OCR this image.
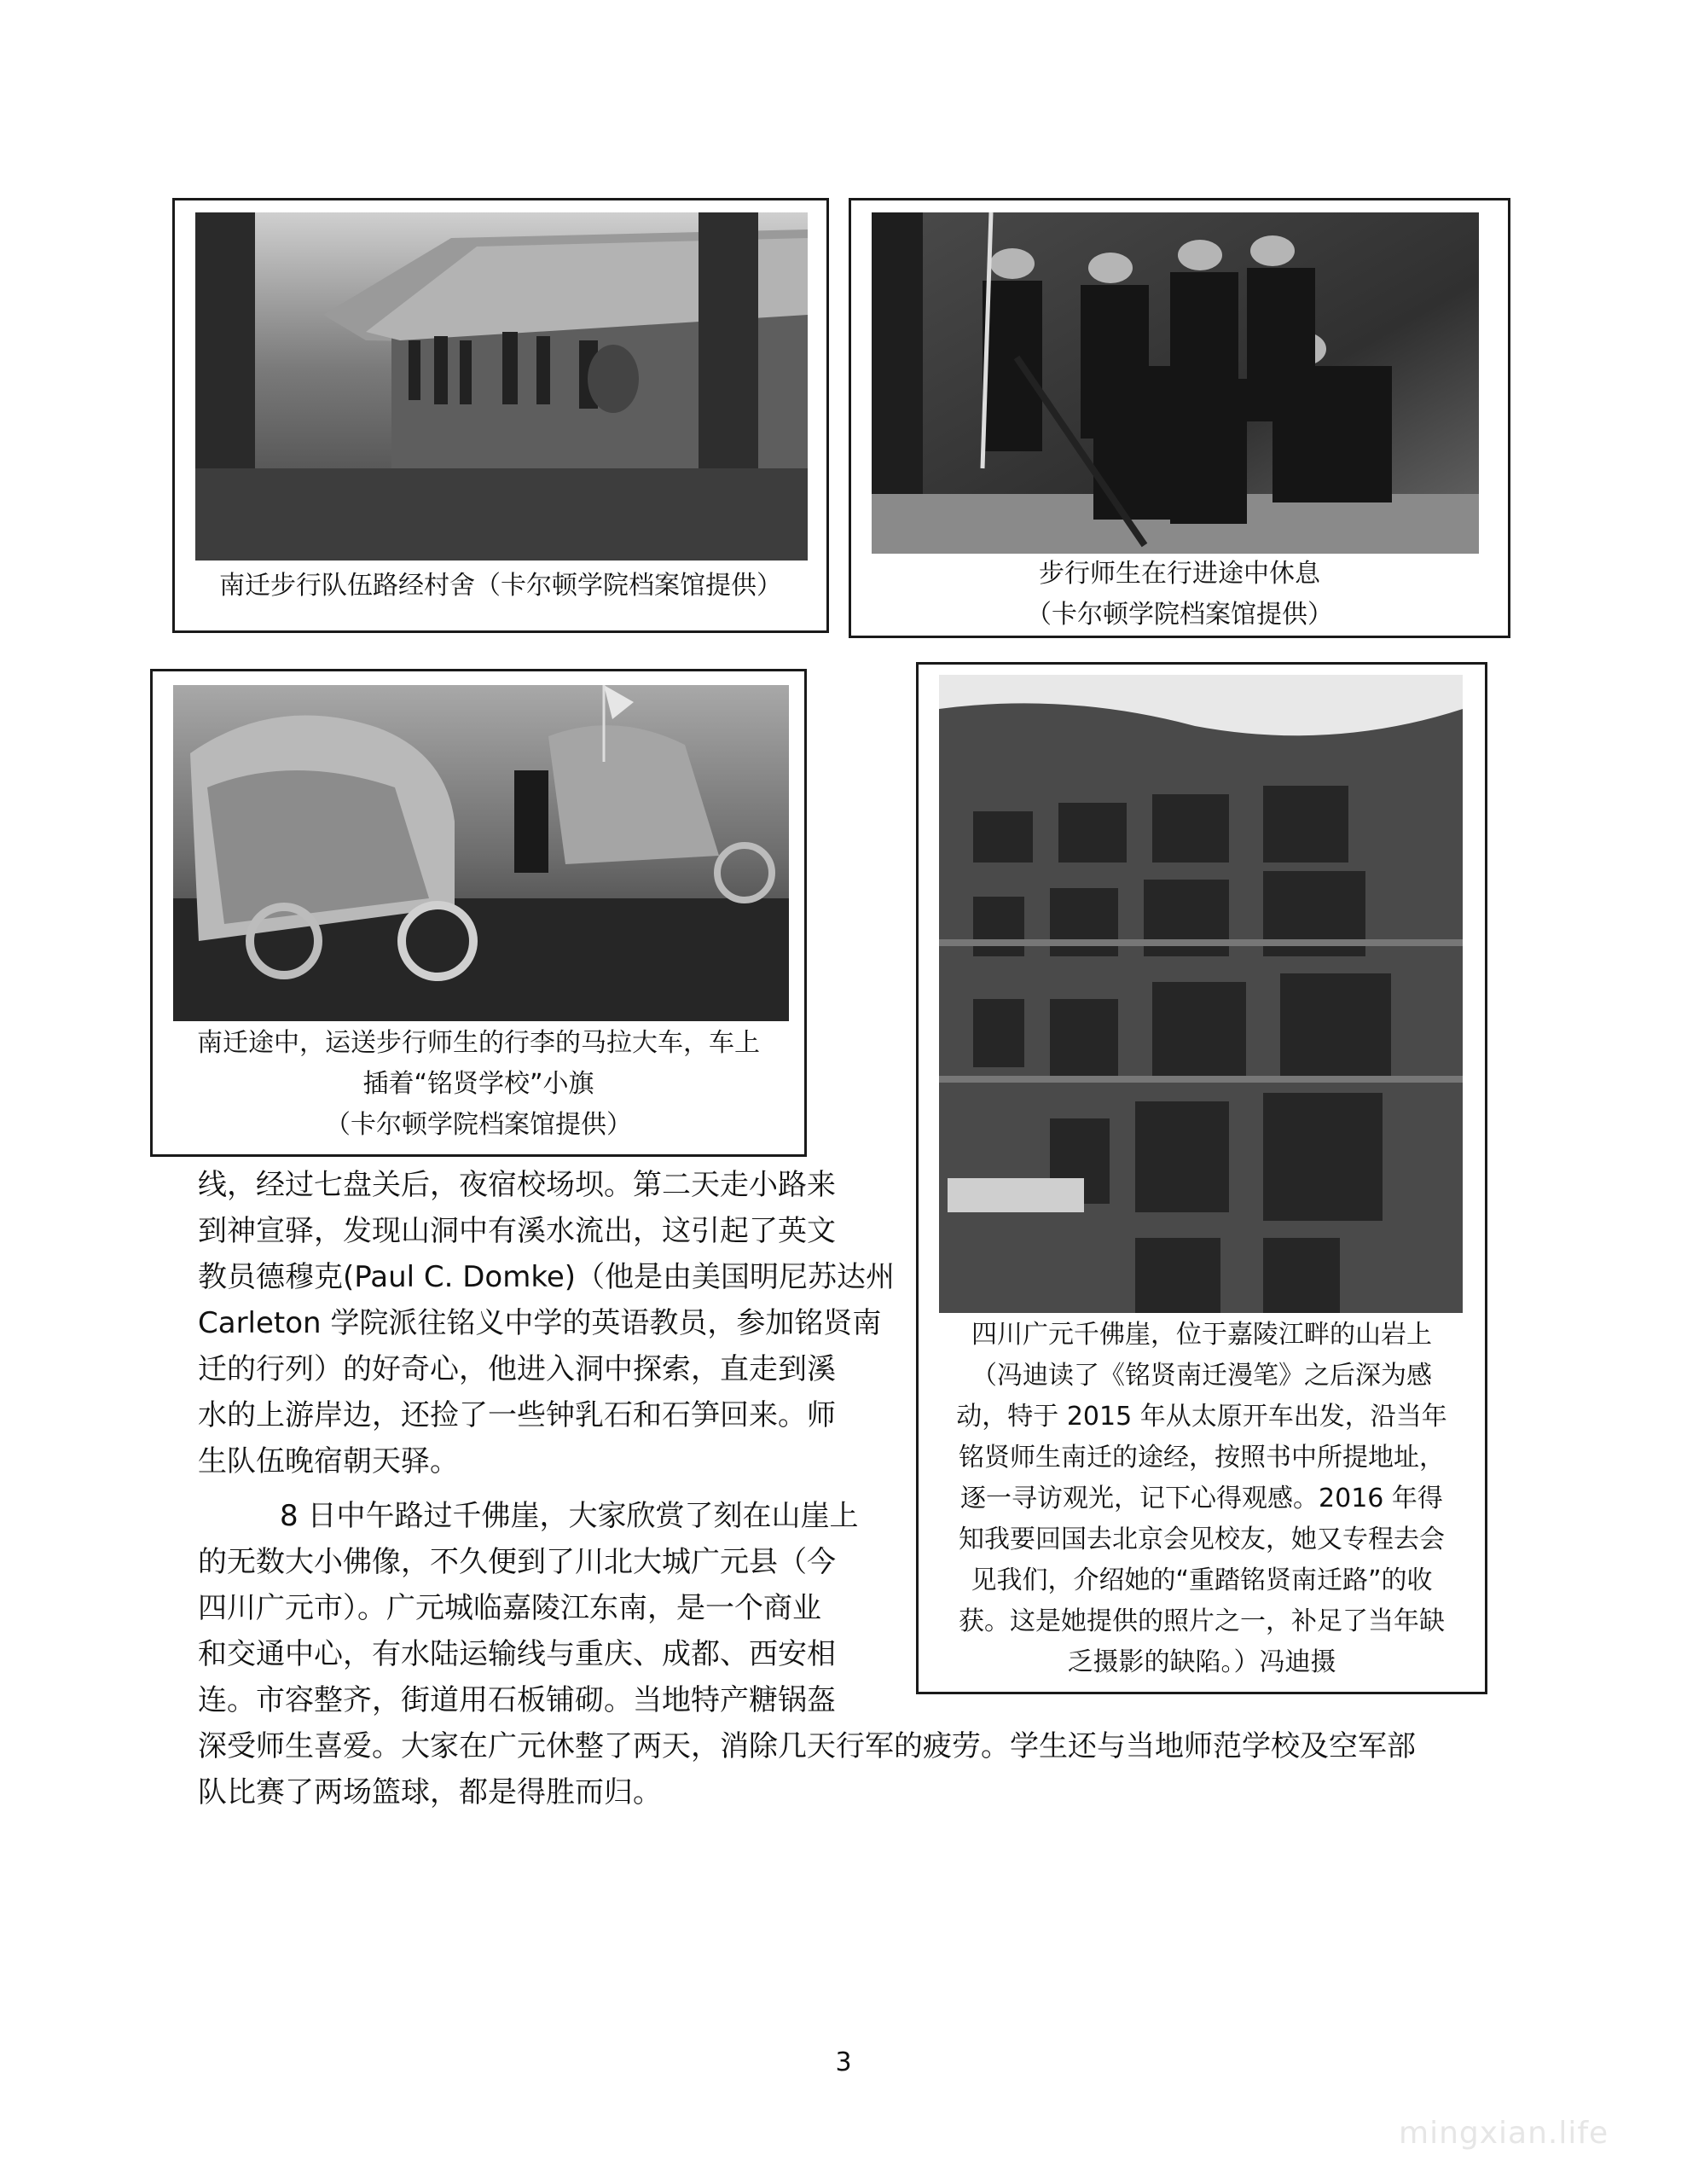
南迁步行队伍路经村舍（卡尔顿学院档案馆提供）	步行师生在行进途中休息
（卡尔顿学院档案馆提供）
南迁途中，运送步行师生的行李的马拉大车，车上
插着“铭贤学校”小旗
（卡尔顿学院档案馆提供）
四川广元千佛崖，位于嘉陵江畔的山岩上
（冯迪读了《铭贤南迁漫笔》之后深为感
动，特于 2015 年从太原开车出发，沿当年
铭贤师生南迁的途经，按照书中所提地址，
逐一寻访观光，记下心得观感。2016 年得
知我要回国去北京会见校友，她又专程去会
见我们，介绍她的“重踏铭贤南迁路”的收
获。这是她提供的照片之一，补足了当年缺
乏摄影的缺陷。）冯迪摄
线，经过七盘关后，夜宿校场坝。第二天走小路来
到神宣驿，发现山洞中有溪水流出，这引起了英文
教员德穆克(Paul C. Domke)（他是由美国明尼苏达州
Carleton 学院派往铭义中学的英语教员，参加铭贤南
迁的行列）的好奇心，他进入洞中探索，直走到溪
水的上游岸边，还捡了一些钟乳石和石笋回来。师
生队伍晚宿朝天驿。
8 日中午路过千佛崖，大家欣赏了刻在山崖上
的无数大小佛像，不久便到了川北大城广元县（今
四川广元市）。广元城临嘉陵江东南，是一个商业
和交通中心，有水陆运输线与重庆、成都、西安相
连。市容整齐，街道用石板铺砌。当地特产糖锅盔
深受师生喜爱。大家在广元休整了两天，消除几天行军的疲劳。学生还与当地师范学校及空军部
队比赛了两场篮球，都是得胜而归。
3
mingxian.life
